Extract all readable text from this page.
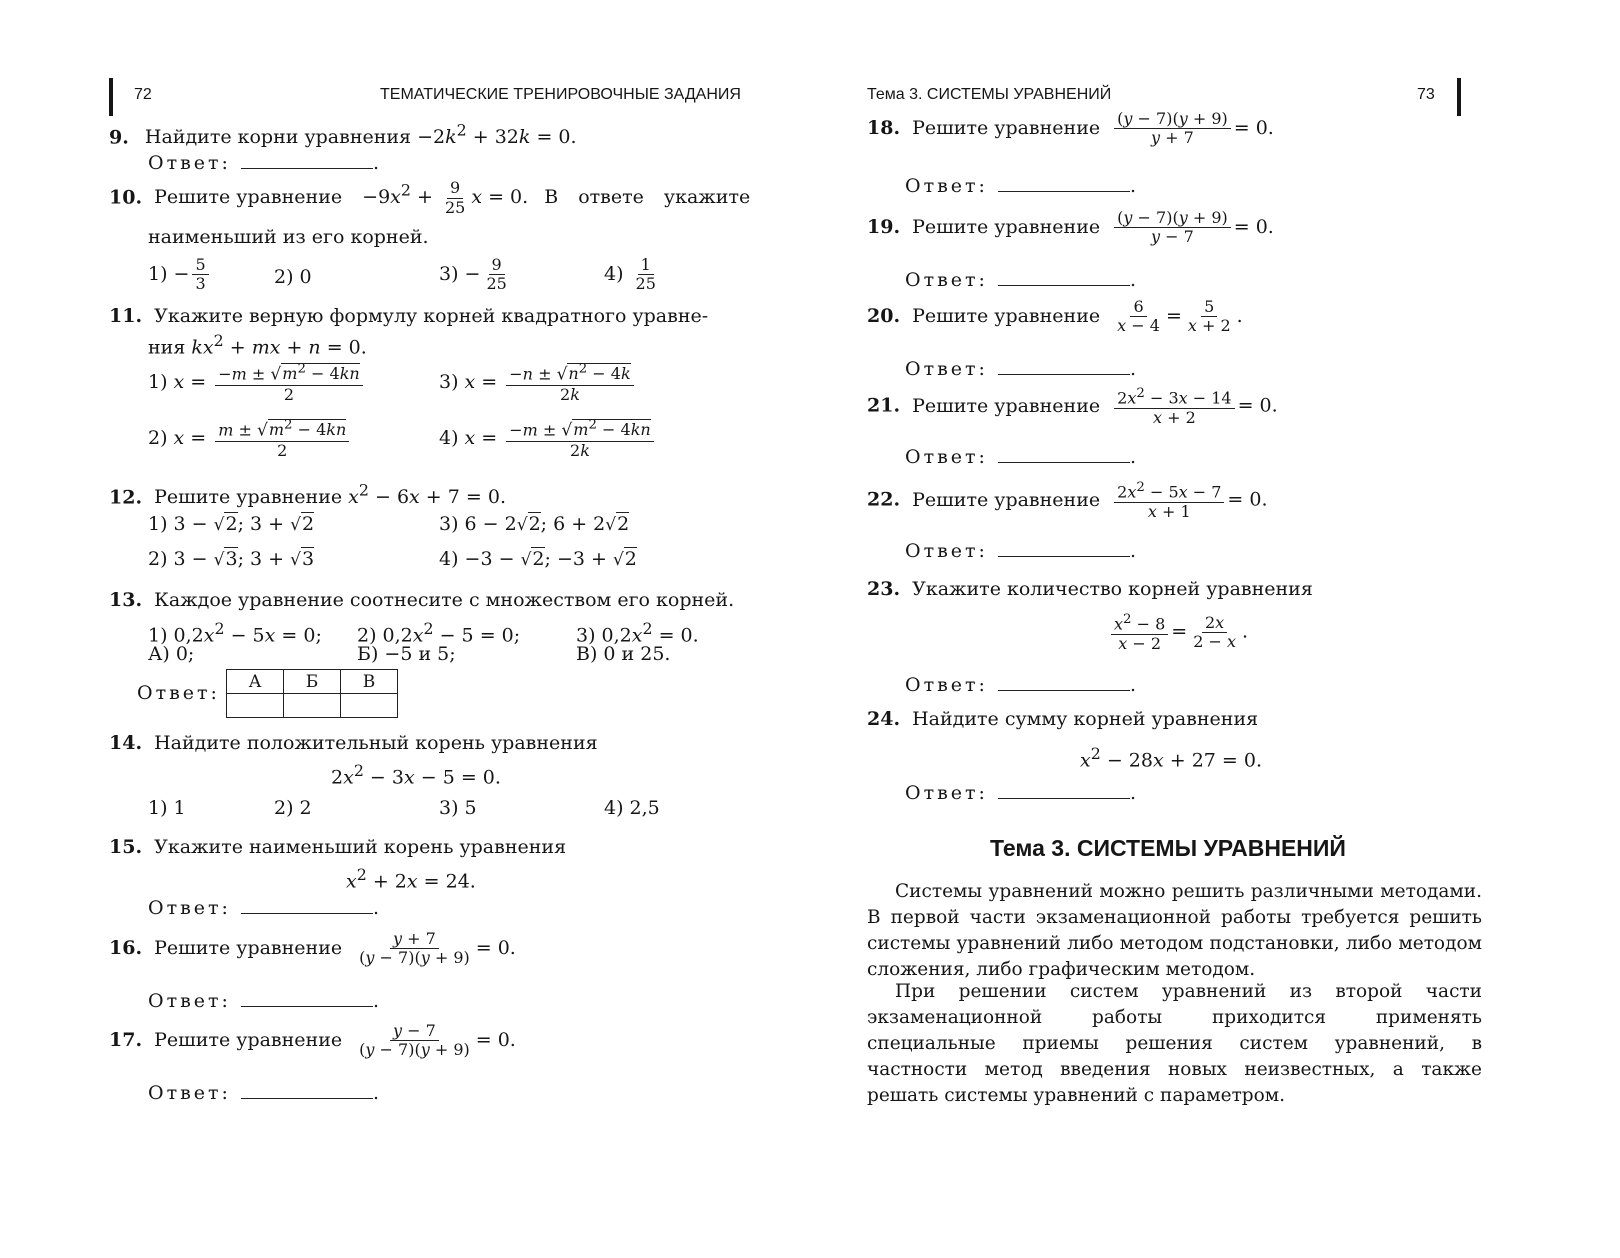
72	ТЕМАТИЧЕСКИЕ ТРЕНИРОВОЧНЫЕ ЗАДАНИЯ	Тема 3. СИСТЕМЫ УРАВНЕНИЙ	73
9. Найдите корни уравнения $-2k^2 + 32k = 0$.
Ответ:	.
10. Решите уравнение $-9x^2 + \frac{9}{25}$ x = 0. В ответе укажите
наименьший из его корней.
$1) - \frac{5}{3}$	2) 0	$3) - \frac{9}{25}$	$4) \frac{1}{25}$
11. Укажите верную формулу корней квадратного уравне-
ния $kx^2$ + mx + n = 0.
1) $x = \frac{-m \pm √m^2 - 4kn}{2}$	3) $x = \frac{-n \pm √n^2 - 4k}{2k}$
2) $x = \frac{m \pm √m^2 - 4kn}{2}$	4) $x = \frac{-m \pm √m^2 - 4kn}{2k}$
12. Решите уравнение $x^2 - 6x + 7 = 0$.
1) 3 − √2; 3 + √2	3) 6 − 2√2; 6 + 2√2
2) 3 − √3; 3 + √3	4) −3 − √2; −3 + √2
13. Каждое уравнение соотнесите с множеством его корней.
1) $0,2x^2 - 5x = 0$; 2) $0,2x^2 - 5 = 0$;	3) $0,2x^2 = 0$.
А) 0;	Б) −5 и 5;	В) 0 и 25.
Ответ:
А	Б	В

14. Найдите положительный корень уравнения
$2x^2 - 3x - 5 = 0$.
1) 1	2) 2	3) 5	4) 2,5
15. Укажите наименьший корень уравнения
$x^2 + 2x = 24$.
Ответ:	.
16. Решите уравнение $\frac{y + 7}{(y - 7)(y + 9)} = 0$.
Ответ:	.
17. Решите уравнение $\frac{y - 7}{(y - 7)(y + 9)} = 0$.
Ответ:	.
18. Решите уравнение $\frac{(y - 7)(y + 9)}{y + 7} = 0$.
Ответ:	.
19. Решите уравнение $\frac{(y - 7)(y + 9)}{y - 7} = 0$.
Ответ:	.
20. Решите уравнение $\frac{6}{x - 4} = \frac{5}{x + 2}$ .
Ответ:	.
21. Решите уравнение $\frac{2x^2 - 3x - 14}{x + 2} = 0$.
Ответ:	.
22. Решите уравнение $\frac{2x^2 - 5x - 7}{x + 1} = 0$.
Ответ:	.
23. Укажите количество корней уравнения
$\frac{x^2 - 8}{x - 2} = \frac{2x}{2 - x}$ .
Ответ:	.
24. Найдите сумму корней уравнения
$x^2 - 28x + 27 = 0$.
Ответ:	.
Тема 3. СИСТЕМЫ УРАВНЕНИЙ

Системы уравнений можно решить различными методами. В первой части экзаменационной работы требуется решить системы уравнений либо методом подстановки, либо методом сложения, либо графическим методом.

При решении систем уравнений из второй части экзаменационной работы приходится применять специальные приемы решения систем уравнений, в частности метод введения новых неизвестных, а также решать системы уравнений с параметром.
